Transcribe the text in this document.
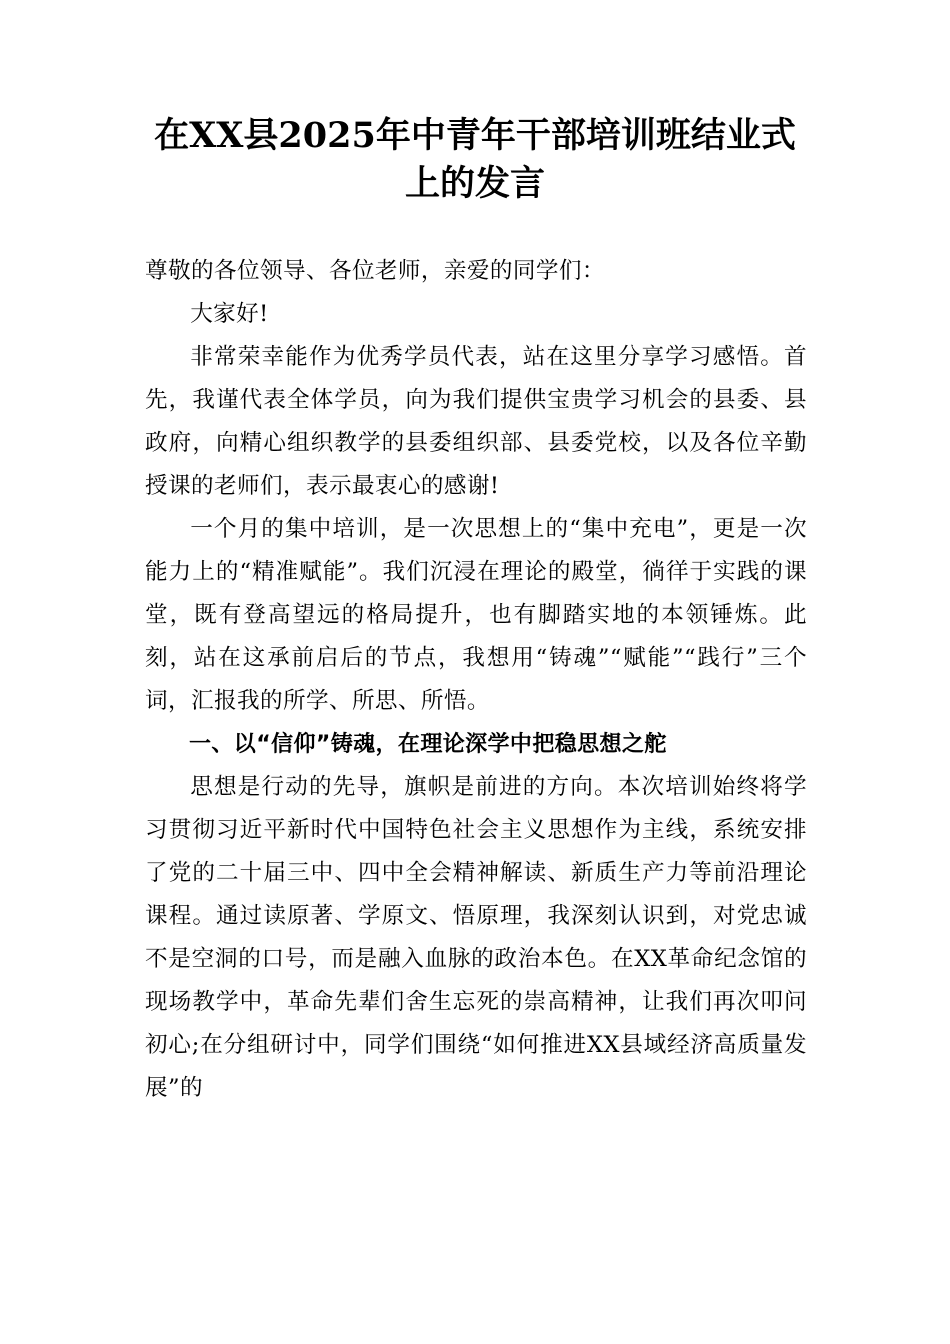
在XX县2025年中青年干部培训班结业式上的发言

尊敬的各位领导、各位老师，亲爱的同学们：

大家好!

非常荣幸能作为优秀学员代表，站在这里分享学习感悟。首先，我谨代表全体学员，向为我们提供宝贵学习机会的县委、县政府，向精心组织教学的县委组织部、县委党校，以及各位辛勤授课的老师们，表示最衷心的感谢!

一个月的集中培训，是一次思想上的“集中充电”，更是一次能力上的“精准赋能”。我们沉浸在理论的殿堂，徜徉于实践的课堂，既有登高望远的格局提升，也有脚踏实地的本领锤炼。此刻，站在这承前启后的节点，我想用“铸魂”“赋能”“践行”三个词，汇报我的所学、所思、所悟。

一、以“信仰”铸魂，在理论深学中把稳思想之舵

思想是行动的先导，旗帜是前进的方向。本次培训始终将学习贯彻习近平新时代中国特色社会主义思想作为主线，系统安排了党的二十届三中、四中全会精神解读、新质生产力等前沿理论课程。通过读原著、学原文、悟原理，我深刻认识到，对党忠诚不是空洞的口号，而是融入血脉的政治本色。在XX革命纪念馆的现场教学中，革命先辈们舍生忘死的崇高精神，让我们再次叩问初心;在分组研讨中，同学们围绕“如何推进XX县域经济高质量发展”的
